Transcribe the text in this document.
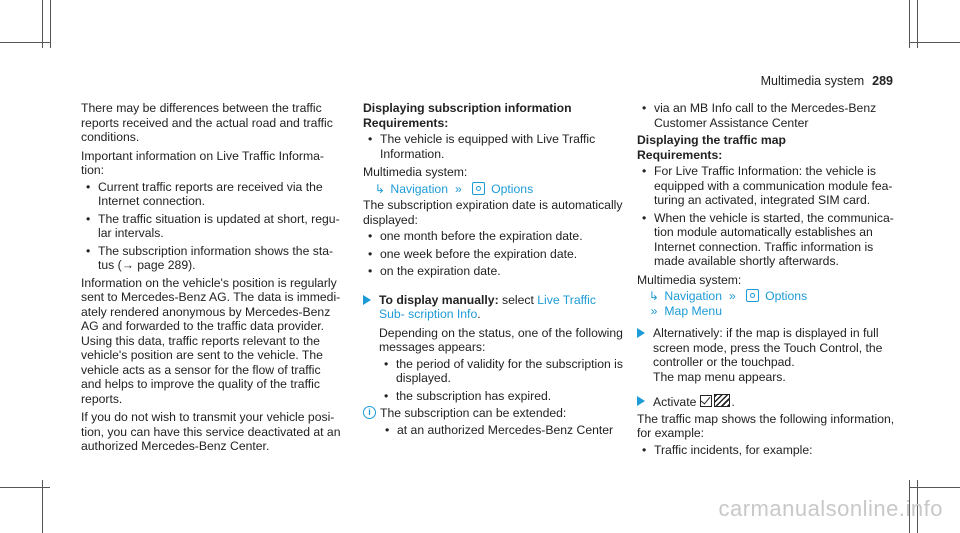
Multimedia system 289

There may be differences between the traffic reports received and the actual road and traffic conditions.

Important information on Live Traffic Informa- tion:

• Current traffic reports are received via the Internet connection.
• The traffic situation is updated at short, regu- lar intervals.
• The subscription information shows the sta- tus (→ page 289).

Information on the vehicle's position is regularly sent to Mercedes-Benz AG. The data is immedi- ately rendered anonymous by Mercedes-Benz AG and forwarded to the traffic data provider. Using this data, traffic reports relevant to the vehicle's position are sent to the vehicle. The vehicle acts as a sensor for the flow of traffic and helps to improve the quality of the traffic reports.

If you do not wish to transmit your vehicle posi- tion, you can have this service deactivated at an authorized Mercedes-Benz Center.

Displaying subscription information
Requirements:
• The vehicle is equipped with Live Traffic Information.

Multimedia system:

↳ Navigation » Options

The subscription expiration date is automatically displayed:

• one month before the expiration date.
• one week before the expiration date.
• on the expiration date.
To display manually: select Live Traffic Sub- scription Info.

Depending on the status, one of the following messages appears:

• the period of validity for the subscription is displayed.
• the subscription has expired.
i The subscription can be extended:

• at an authorized Mercedes-Benz Center
• via an MB Info call to the Mercedes-Benz Customer Assistance Center
Displaying the traffic map
Requirements:
• For Live Traffic Information: the vehicle is equipped with a communication module fea- turing an activated, integrated SIM card.
• When the vehicle is started, the communica- tion module automatically establishes an Internet connection. Traffic information is made available shortly afterwards.

Multimedia system:

↳ Navigation » Options
» Map Menu

Alternatively: if the map is displayed in full screen mode, press the Touch Control, the controller or the touchpad.

The map menu appears.

Activate	.

The traffic map shows the following information, for example:

• Traffic incidents, for example:
carmanualsonline.info
